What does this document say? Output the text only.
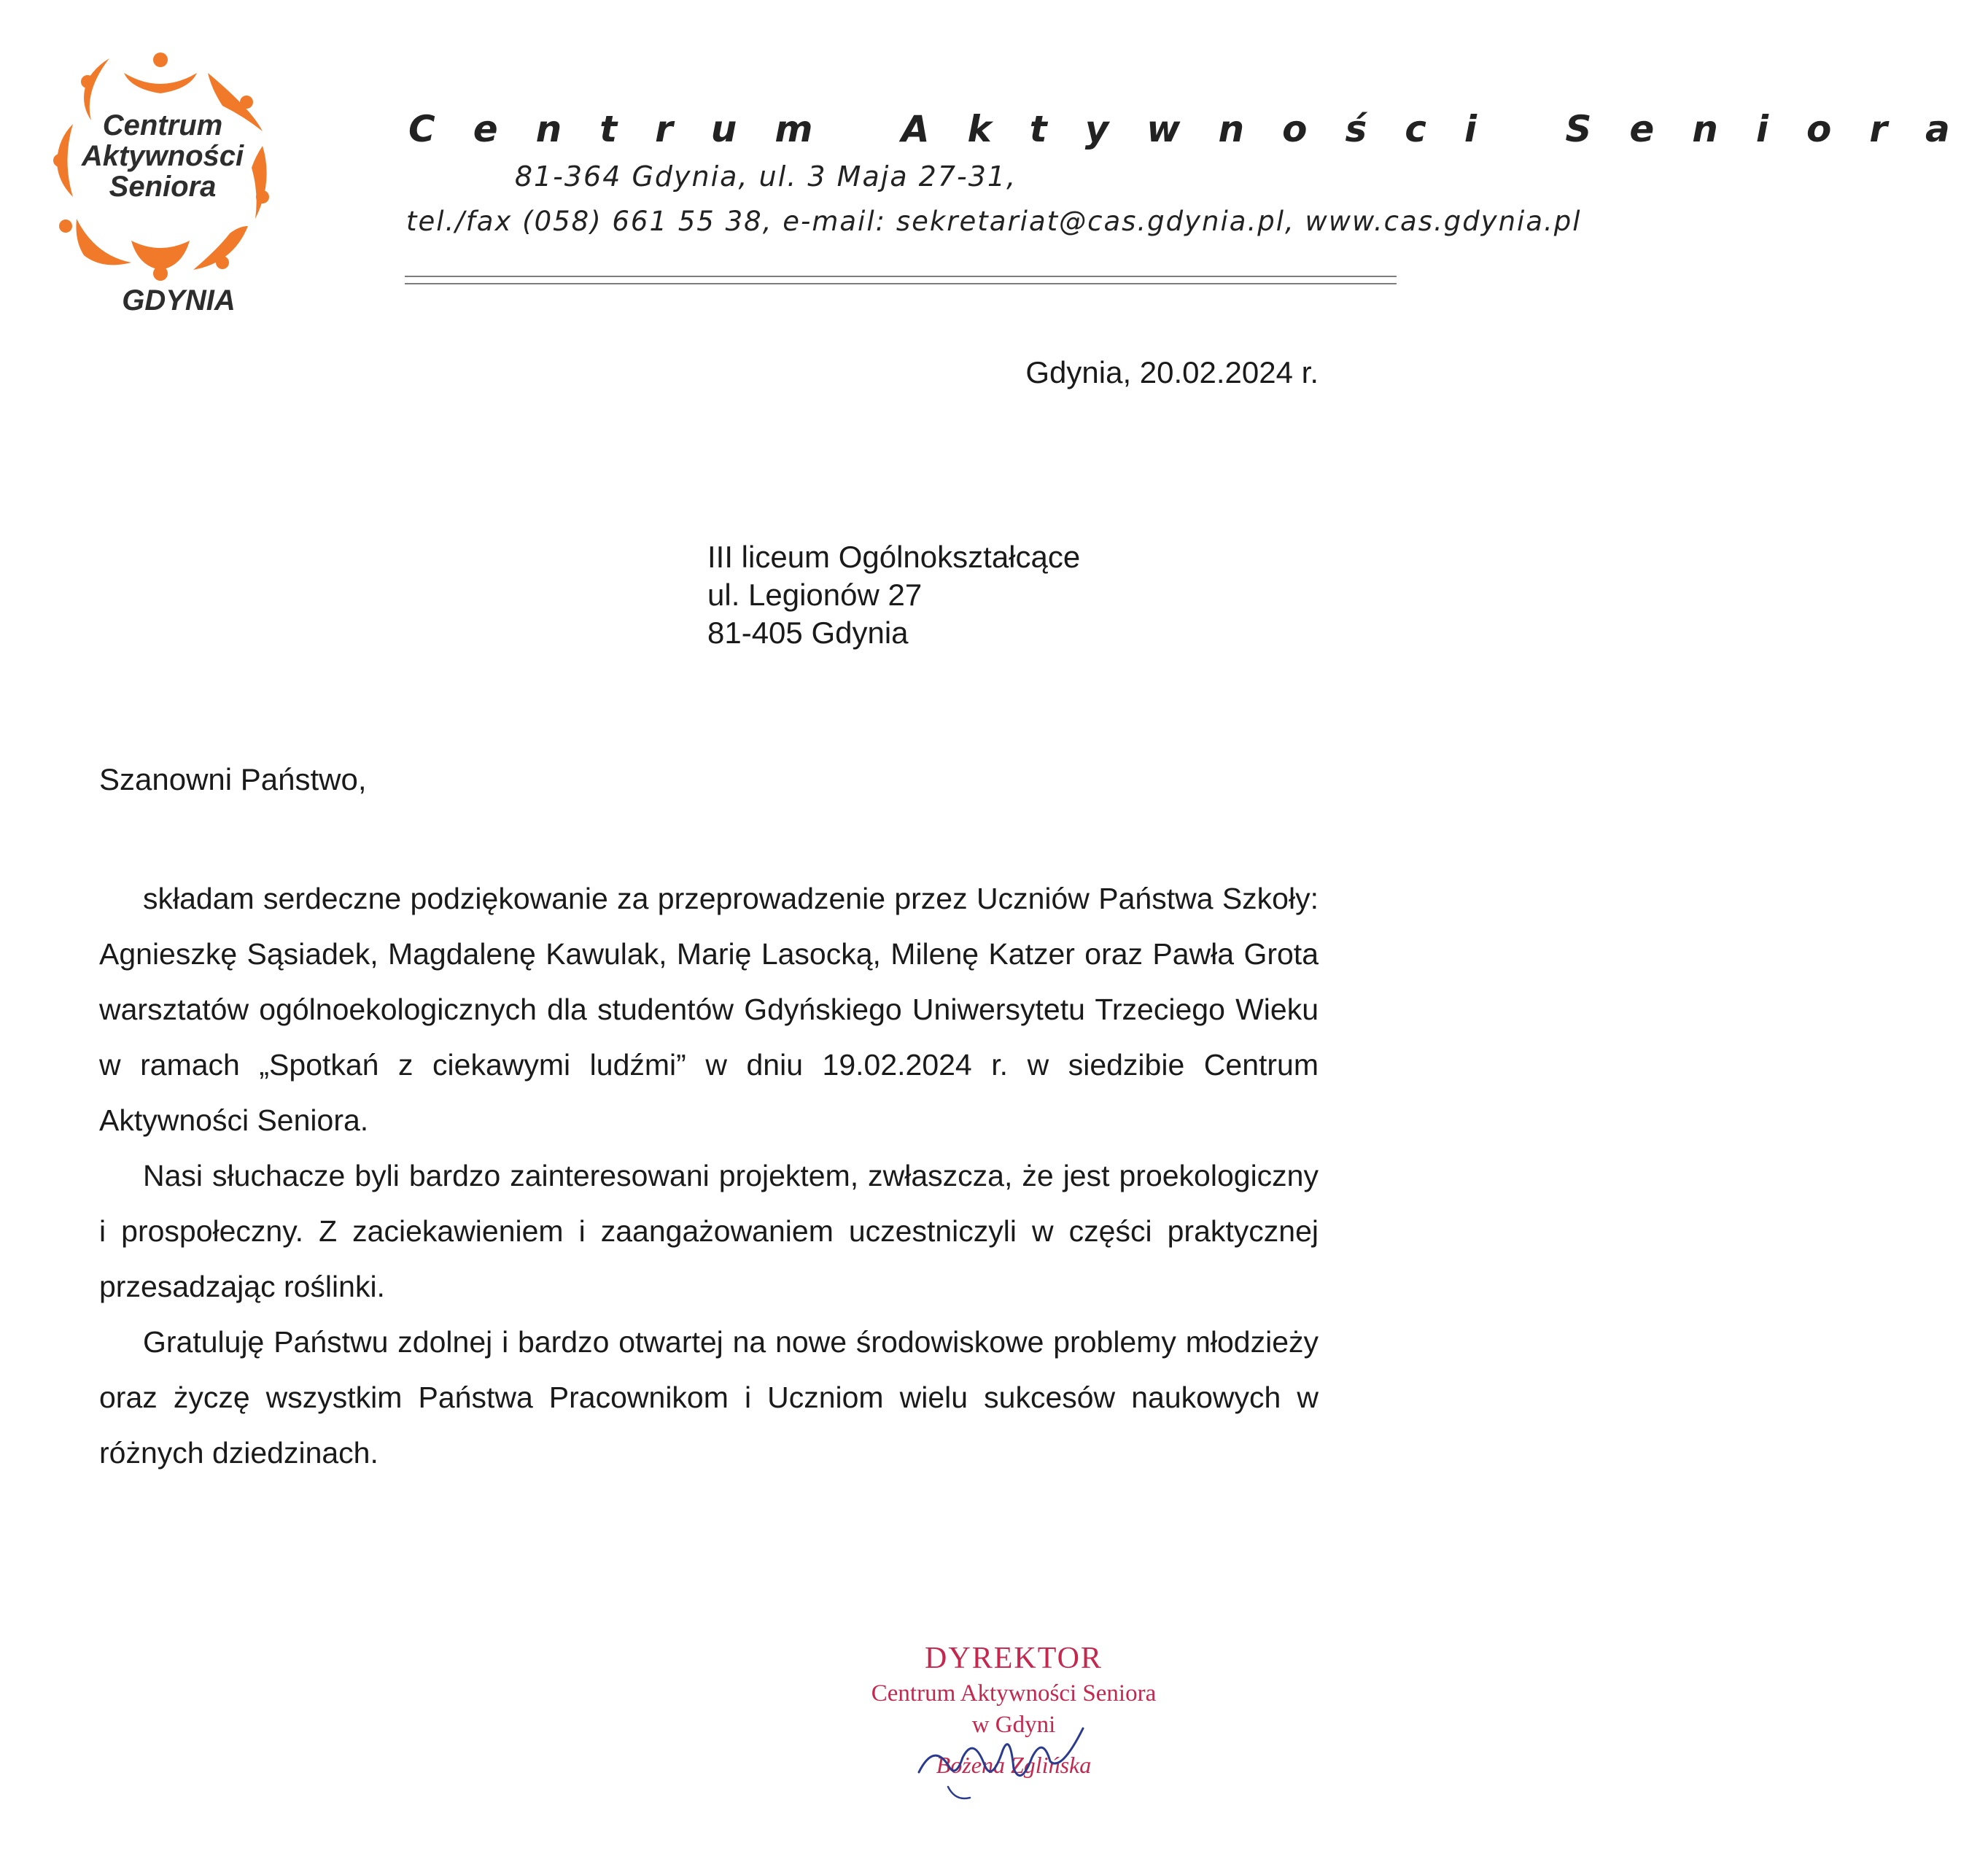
Centrum
Aktywności
Seniora
GDYNIA
Centrum Aktywności Seniora
81-364 Gdynia, ul. 3 Maja 27-31,
tel./fax (058) 661 55 38, e-mail: sekretariat@cas.gdynia.pl, www.cas.gdynia.pl
Gdynia, 20.02.2024 r.
III liceum Ogólnokształcące
ul. Legionów 27
81-405 Gdynia
Szanowni Państwo,

składam serdeczne podziękowanie za przeprowadzenie przez Uczniów Państwa Szkoły: Agnieszkę Sąsiadek, Magdalenę Kawulak, Marię Lasocką, Milenę Katzer oraz Pawła Grota warsztatów ogólnoekologicznych dla studentów Gdyńskiego Uniwersytetu Trzeciego Wieku w ramach „Spotkań z ciekawymi ludźmi” w dniu 19.02.2024 r. w siedzibie Centrum Aktywności Seniora.

Nasi słuchacze byli bardzo zainteresowani projektem, zwłaszcza, że jest proekologiczny i prospołeczny. Z zaciekawieniem i zaangażowaniem uczestniczyli w części praktycznej przesadzając roślinki.

Gratuluję Państwu zdolnej i bardzo otwartej na nowe środowiskowe problemy młodzieży oraz życzę wszystkim Państwa Pracownikom i Uczniom wielu sukcesów naukowych w różnych dziedzinach.

DYREKTOR
Centrum Aktywności Seniora
w Gdyni
Bożena Zglińska
